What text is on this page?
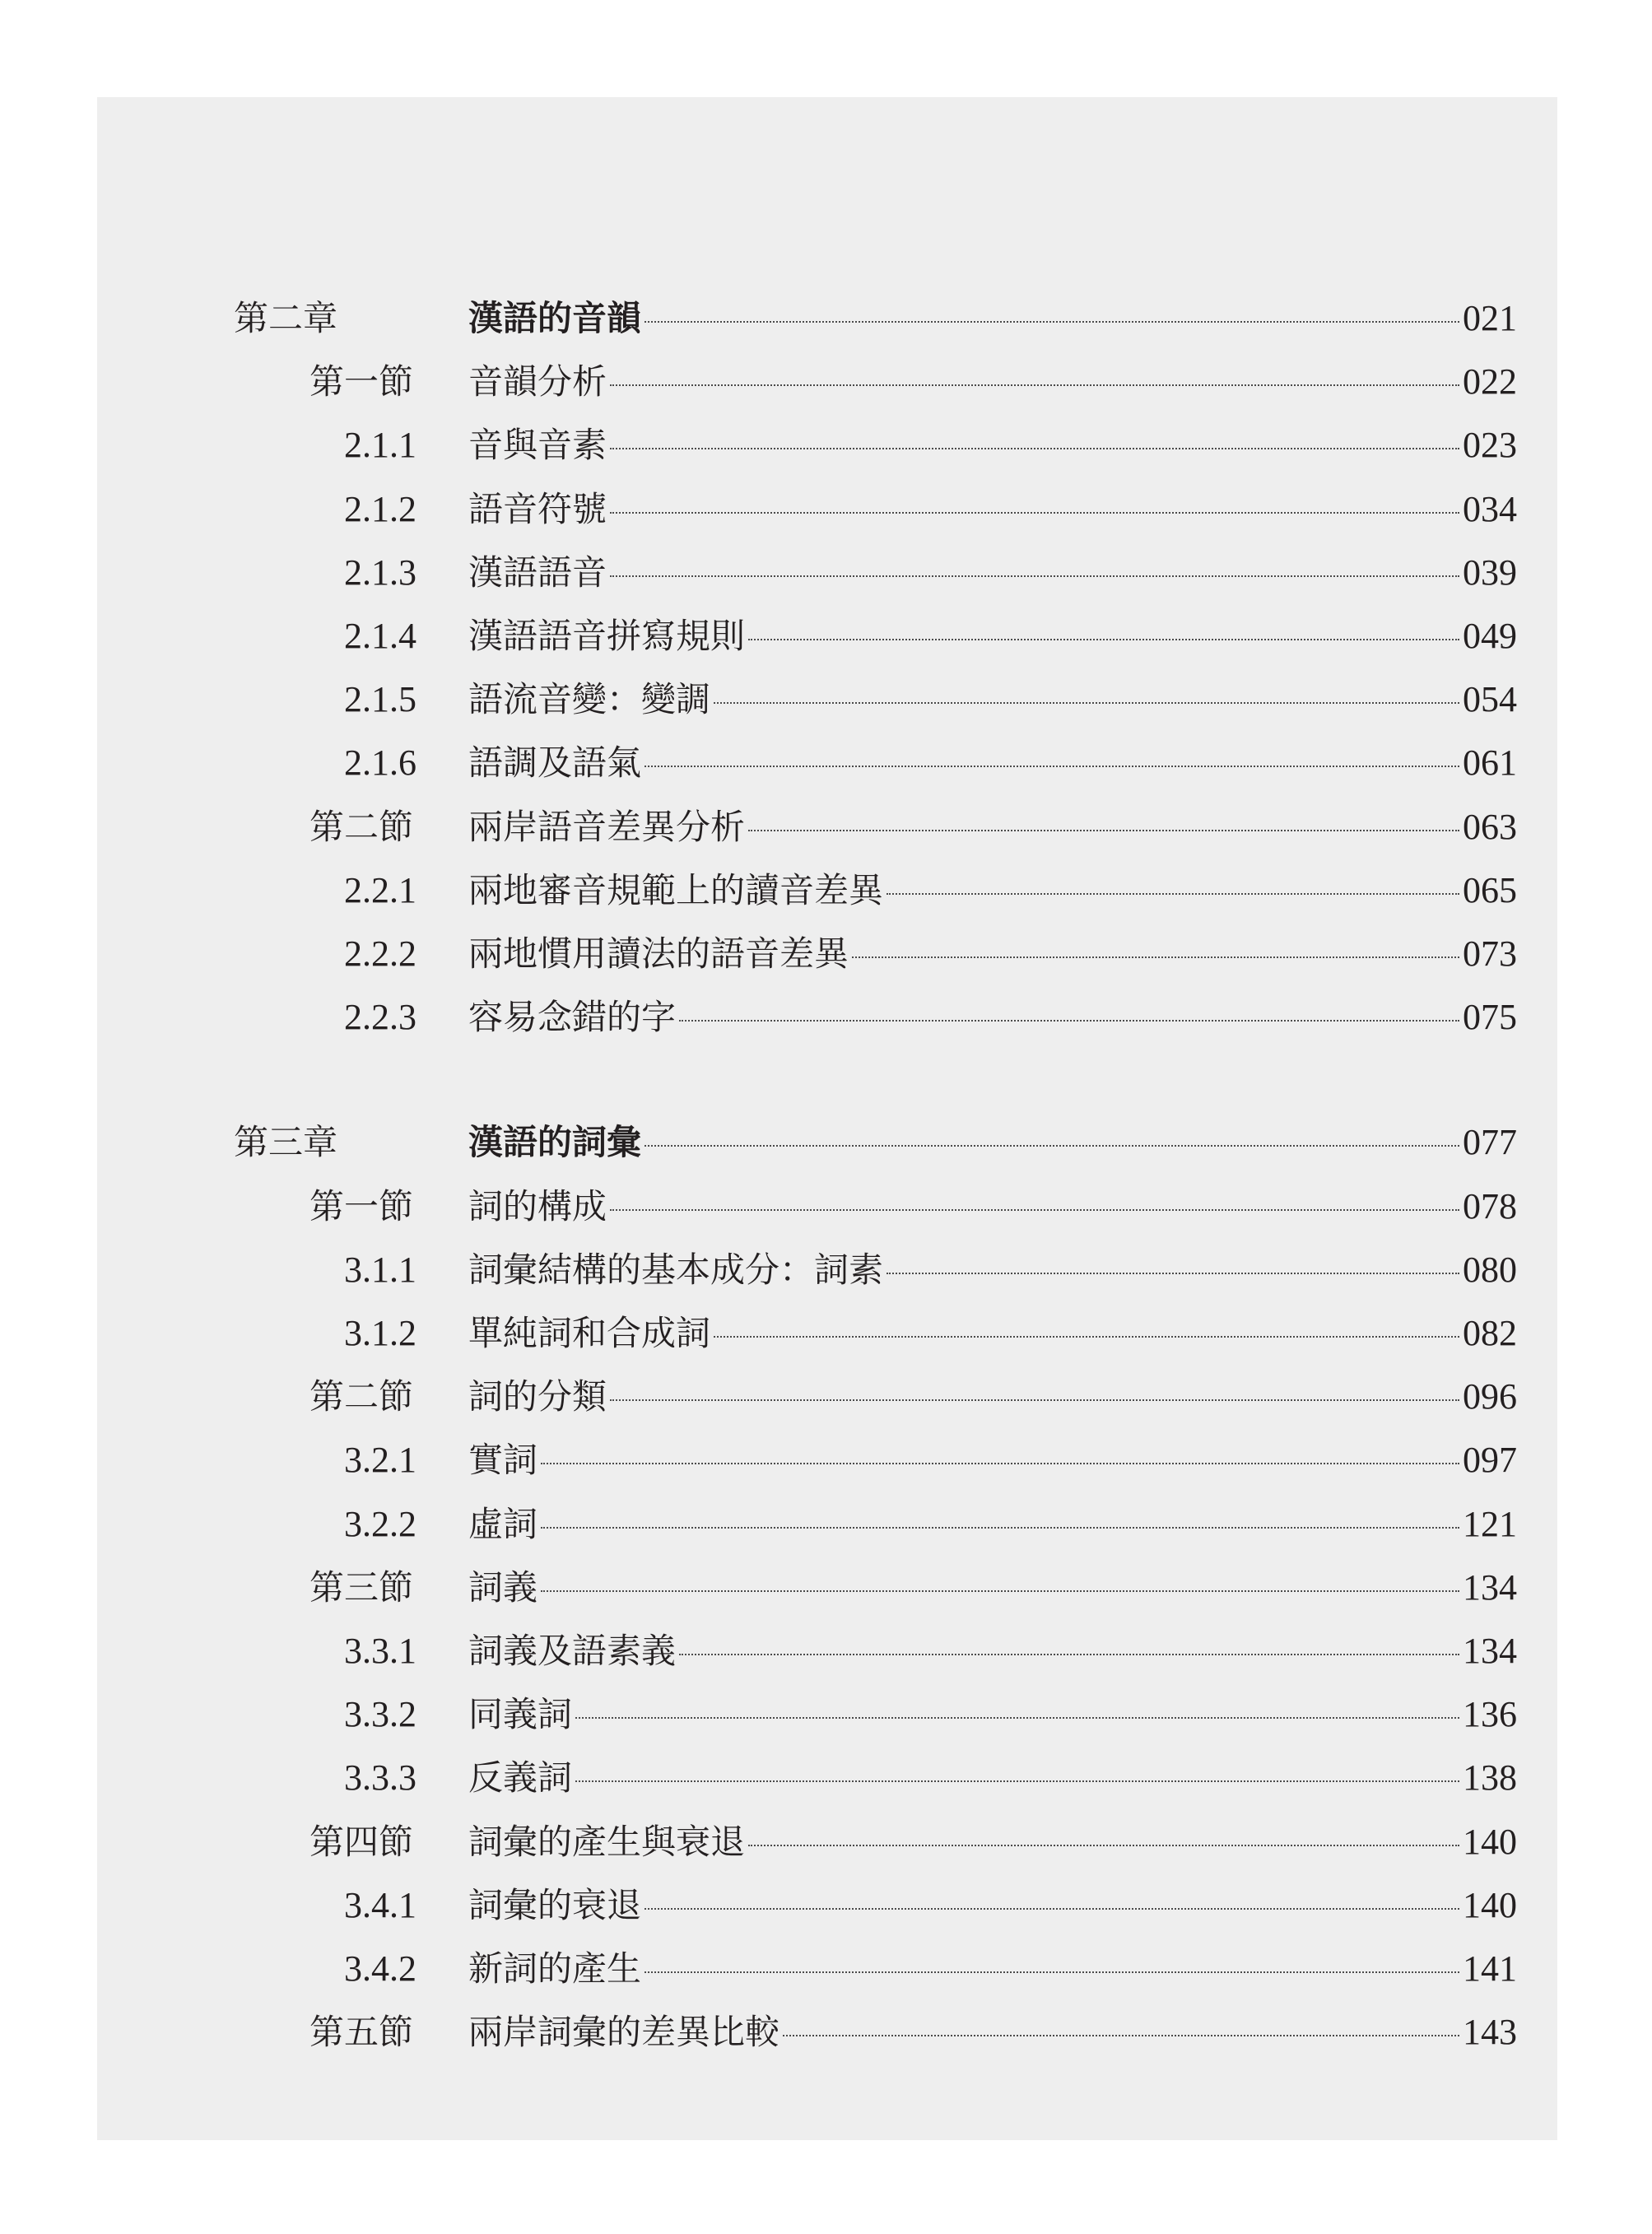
第二章	漢語的音韻	021
第一節 音韻分析	022
2.1.1 音與音素	023
2.1.2 語音符號	034
2.1.3 漢語語音	039
2.1.4 漢語語音拼寫規則	049
2.1.5 語流音變：變調	054
2.1.6 語調及語氣	061
第二節 兩岸語音差異分析	063
2.2.1 兩地審音規範上的讀音差異	065
2.2.2 兩地慣用讀法的語音差異	073
2.2.3 容易念錯的字	075
第三章	漢語的詞彙	077
第一節 詞的構成	078
3.1.1 詞彙結構的基本成分：詞素	080
3.1.2 單純詞和合成詞	082
第二節 詞的分類	096
3.2.1 實詞	097
3.2.2 虛詞	121
第三節 詞義	134
3.3.1 詞義及語素義	134
3.3.2 同義詞	136
3.3.3 反義詞	138
第四節 詞彙的產生與衰退	140
3.4.1 詞彙的衰退	140
3.4.2 新詞的產生	141
第五節 兩岸詞彙的差異比較	143
